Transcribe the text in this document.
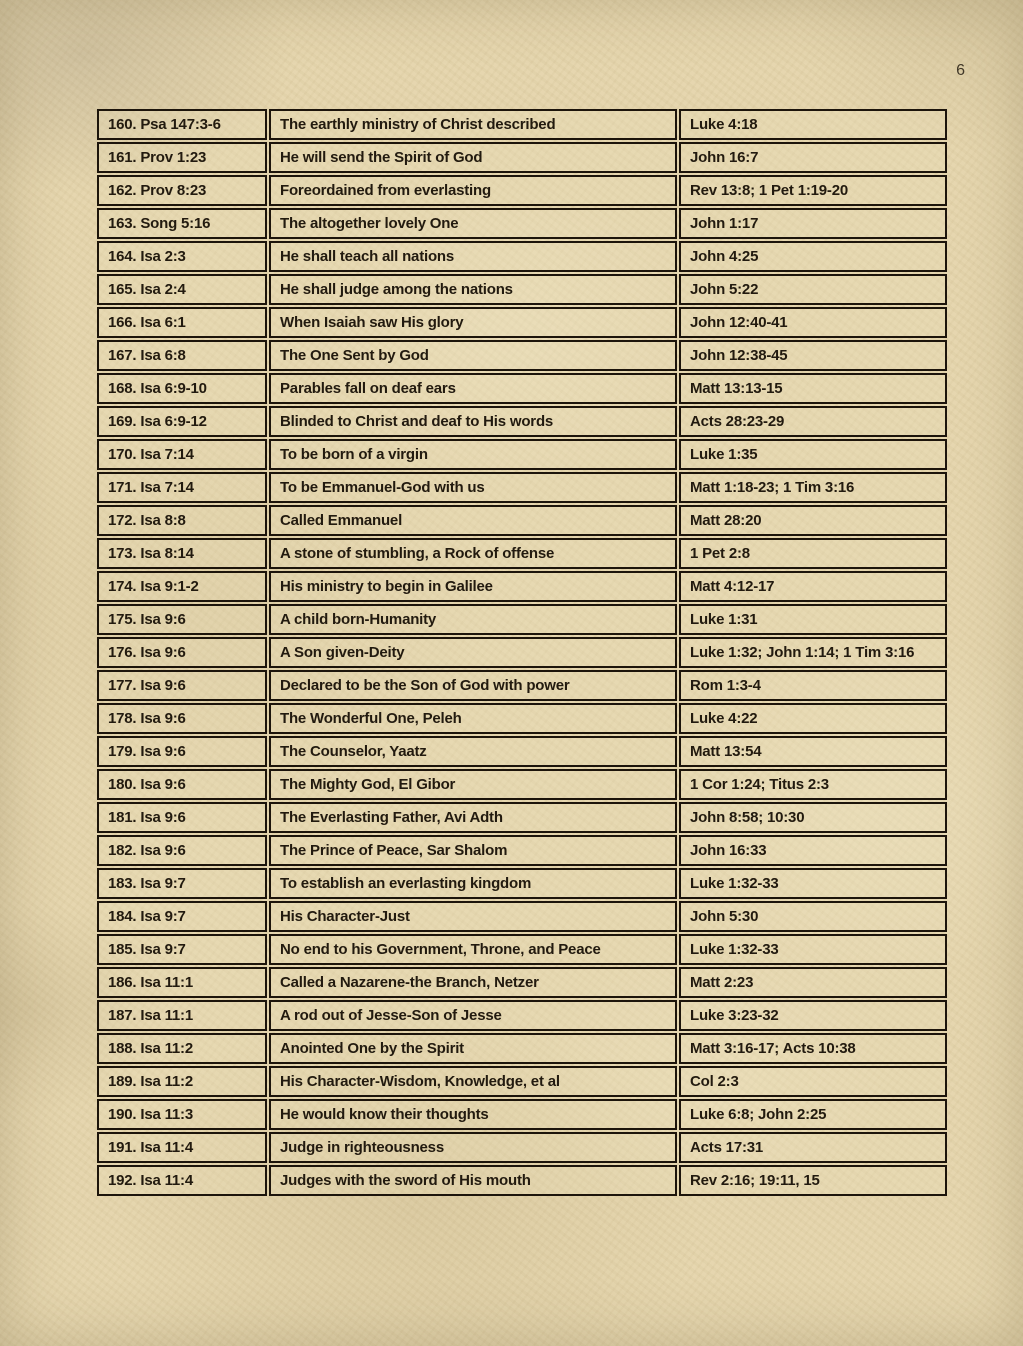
6
160. Psa 147:3-6	The earthly ministry of Christ described	Luke 4:18
161. Prov 1:23	He will send the Spirit of God	John 16:7
162. Prov 8:23	Foreordained from everlasting	Rev 13:8; 1 Pet 1:19-20
163. Song 5:16	The altogether lovely One	John 1:17
164. Isa 2:3	He shall teach all nations	John 4:25
165. Isa 2:4	He shall judge among the nations	John 5:22
166. Isa 6:1	When Isaiah saw His glory	John 12:40-41
167. Isa 6:8	The One Sent by God	John 12:38-45
168. Isa 6:9-10	Parables fall on deaf ears	Matt 13:13-15
169. Isa 6:9-12	Blinded to Christ and deaf to His words	Acts 28:23-29
170. Isa 7:14	To be born of a virgin	Luke 1:35
171. Isa 7:14	To be Emmanuel-God with us	Matt 1:18-23; 1 Tim 3:16
172. Isa 8:8	Called Emmanuel	Matt 28:20
173. Isa 8:14	A stone of stumbling, a Rock of offense	1 Pet 2:8
174. Isa 9:1-2	His ministry to begin in Galilee	Matt 4:12-17
175. Isa 9:6	A child born-Humanity	Luke 1:31
176. Isa 9:6	A Son given-Deity	Luke 1:32; John 1:14; 1 Tim 3:16
177. Isa 9:6	Declared to be the Son of God with power	Rom 1:3-4
178. Isa 9:6	The Wonderful One, Peleh	Luke 4:22
179. Isa 9:6	The Counselor, Yaatz	Matt 13:54
180. Isa 9:6	The Mighty God, El Gibor	1 Cor 1:24; Titus 2:3
181. Isa 9:6	The Everlasting Father, Avi Adth	John 8:58; 10:30
182. Isa 9:6	The Prince of Peace, Sar Shalom	John 16:33
183. Isa 9:7	To establish an everlasting kingdom	Luke 1:32-33
184. Isa 9:7	His Character-Just	John 5:30
185. Isa 9:7	No end to his Government, Throne, and Peace	Luke 1:32-33
186. Isa 11:1	Called a Nazarene-the Branch, Netzer	Matt 2:23
187. Isa 11:1	A rod out of Jesse-Son of Jesse	Luke 3:23-32
188. Isa 11:2	Anointed One by the Spirit	Matt 3:16-17; Acts 10:38
189. Isa 11:2	His Character-Wisdom, Knowledge, et al	Col 2:3
190. Isa 11:3	He would know their thoughts	Luke 6:8; John 2:25
191. Isa 11:4	Judge in righteousness	Acts 17:31
192. Isa 11:4	Judges with the sword of His mouth	Rev 2:16; 19:11, 15
